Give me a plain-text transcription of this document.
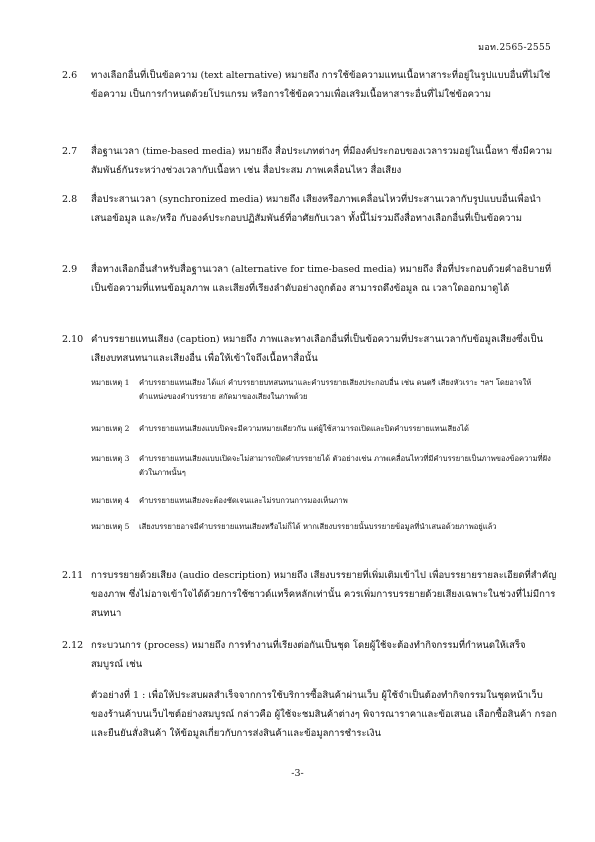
มอท.2565-2555
2.6 ทางเลือกอื่นที่เป็นข้อความ (text alternative) หมายถึง การใช้ข้อความแทนเนื้อหาสาระที่อยู่ในรูปแบบอื่นที่ไม่ใช่ข้อความ เป็นการกำหนดด้วยโปรแกรม หรือการใช้ข้อความเพื่อเสริมเนื้อหาสาระอื่นที่ไม่ใช่ข้อความ
2.7 สื่อฐานเวลา (time-based media) หมายถึง สื่อประเภทต่างๆ ที่มีองค์ประกอบของเวลารวมอยู่ในเนื้อหา ซึ่งมีความสัมพันธ์กันระหว่างช่วงเวลากับเนื้อหา เช่น สื่อประสม ภาพเคลื่อนไหว สื่อเสียง
2.8 สื่อประสานเวลา (synchronized media) หมายถึง เสียงหรือภาพเคลื่อนไหวที่ประสานเวลากับรูปแบบอื่นเพื่อนำเสนอข้อมูล และ/หรือ กับองค์ประกอบปฏิสัมพันธ์ที่อาศัยกับเวลา ทั้งนี้ไม่รวมถึงสื่อทางเลือกอื่นที่เป็นข้อความ
2.9 สื่อทางเลือกอื่นสำหรับสื่อฐานเวลา (alternative for time-based media) หมายถึง สื่อที่ประกอบด้วยคำอธิบายที่เป็นข้อความที่แทนข้อมูลภาพ และเสียงที่เรียงลำดับอย่างถูกต้อง สามารถดึงข้อมูล ณ เวลาใดออกมาดูได้
2.10 คำบรรยายแทนเสียง (caption) หมายถึง ภาพและทางเลือกอื่นที่เป็นข้อความที่ประสานเวลากับข้อมูลเสียงซึ่งเป็นเสียงบทสนทนาและเสียงอื่น เพื่อให้เข้าใจถึงเนื้อหาสื่อนั้น
หมายเหตุ 1 คำบรรยายแทนเสียง ได้แก่ คำบรรยายบทสนทนาและคำบรรยายเสียงประกอบอื่น เช่น ดนตรี เสียงหัวเราะ ฯลฯ โดยอาจให้ตำแหน่งของคำบรรยาย สกัดมาของเสียงในภาพด้วย
หมายเหตุ 2 คำบรรยายแทนเสียงแบบปิดจะมีความหมายเดียวกัน แต่ผู้ใช้สามารถเปิดและปิดคำบรรยายแทนเสียงได้
หมายเหตุ 3 คำบรรยายแทนเสียงแบบเปิดจะไม่สามารถปิดคำบรรยายได้ ตัวอย่างเช่น ภาพเคลื่อนไหวที่มีคำบรรยายเป็นภาพของข้อความที่ฝังตัวในภาพนั้นๆ
หมายเหตุ 4 คำบรรยายแทนเสียงจะต้องชัดเจนและไม่รบกวนการมองเห็นภาพ
หมายเหตุ 5 เสียงบรรยายอาจมีคำบรรยายแทนเสียงหรือไม่ก็ได้ หากเสียงบรรยายนั้นบรรยายข้อมูลที่นำเสนอด้วยภาพอยู่แล้ว
2.11 การบรรยายด้วยเสียง (audio description) หมายถึง เสียงบรรยายที่เพิ่มเติมเข้าไป เพื่อบรรยายรายละเอียดที่สำคัญของภาพ ซึ่งไม่อาจเข้าใจได้ด้วยการใช้ซาวด์แทร็คหลักเท่านั้น ควรเพิ่มการบรรยายด้วยเสียงเฉพาะในช่วงที่ไม่มีการสนทนา
2.12 กระบวนการ (process) หมายถึง การทำงานที่เรียงต่อกันเป็นชุด โดยผู้ใช้จะต้องทำกิจกรรมที่กำหนดให้เสร็จสมบูรณ์ เช่น
ตัวอย่างที่ 1 : เพื่อให้ประสบผลสำเร็จจากการใช้บริการซื้อสินค้าผ่านเว็บ ผู้ใช้จำเป็นต้องทำกิจกรรมในชุดหน้าเว็บของร้านค้าบนเว็บไซต์อย่างสมบูรณ์ กล่าวคือ ผู้ใช้จะชมสินค้าต่างๆ พิจารณาราคาและข้อเสนอ เลือกซื้อสินค้า กรอกและยืนยันสั่งสินค้า ให้ข้อมูลเกี่ยวกับการส่งสินค้าและข้อมูลการชำระเงิน
-3-
